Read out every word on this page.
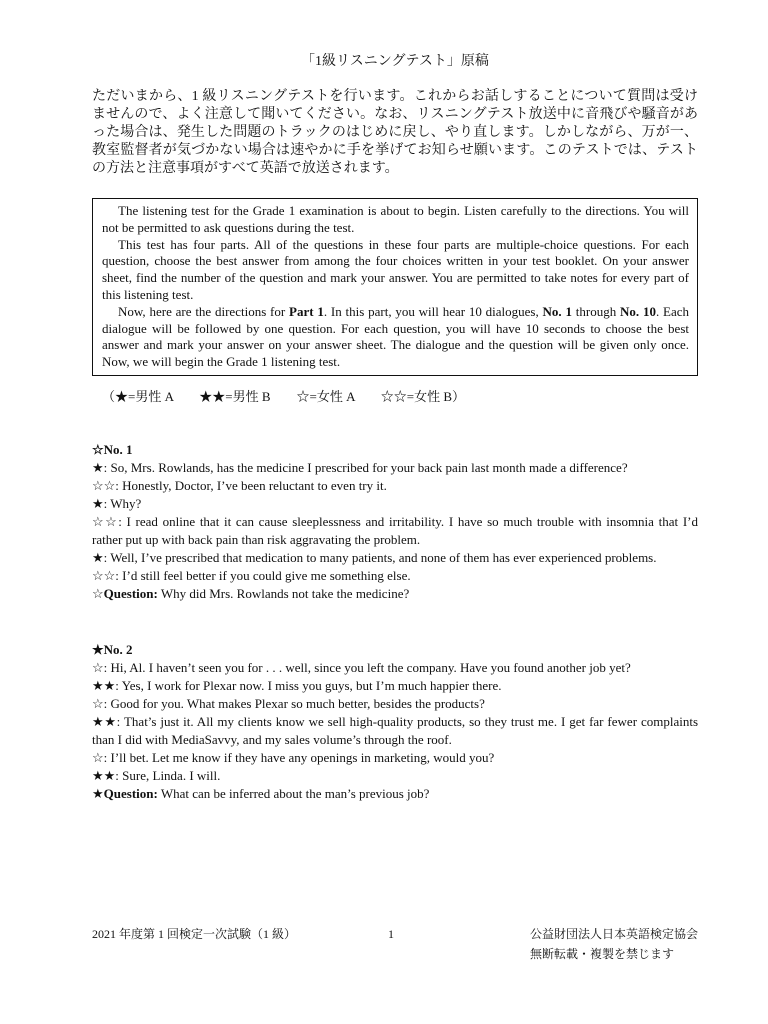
「1級リスニングテスト」原稿

ただいまから、1 級リスニングテストを行います。これからお話しすることについて質問は受けませんので、よく注意して聞いてください。なお、リスニングテスト放送中に音飛びや騒音があった場合は、発生した問題のトラックのはじめに戻し、やり直します。しかしながら、万が一、教室監督者が気づかない場合は速やかに手を挙げてお知らせ願います。このテストでは、テストの方法と注意事項がすべて英語で放送されます。

The listening test for the Grade 1 examination is about to begin. Listen carefully to the directions. You will not be permitted to ask questions during the test.

This test has four parts. All of the questions in these four parts are multiple-choice questions. For each question, choose the best answer from among the four choices written in your test booklet. On your answer sheet, find the number of the question and mark your answer. You are permitted to take notes for every part of this listening test.

Now, here are the directions for Part 1. In this part, you will hear 10 dialogues, No. 1 through No. 10. Each dialogue will be followed by one question. For each question, you will have 10 seconds to choose the best answer and mark your answer on your answer sheet. The dialogue and the question will be given only once. Now, we will begin the Grade 1 listening test.

（★=男性 A　　★★=男性 B　　☆=女性 A　　☆☆=女性 B）
☆No. 1

★: So, Mrs. Rowlands, has the medicine I prescribed for your back pain last month made a difference?

☆☆: Honestly, Doctor, I’ve been reluctant to even try it.

★: Why?

☆☆: I read online that it can cause sleeplessness and irritability. I have so much trouble with insomnia that I’d rather put up with back pain than risk aggravating the problem.

★: Well, I’ve prescribed that medication to many patients, and none of them has ever experienced problems.

☆☆: I’d still feel better if you could give me something else.

☆Question: Why did Mrs. Rowlands not take the medicine?

★No. 2

☆: Hi, Al. I haven’t seen you for . . . well, since you left the company. Have you found another job yet?

★★: Yes, I work for Plexar now. I miss you guys, but I’m much happier there.

☆: Good for you. What makes Plexar so much better, besides the products?

★★: That’s just it. All my clients know we sell high-quality products, so they trust me. I get far fewer complaints than I did with MediaSavvy, and my sales volume’s through the roof.

☆: I’ll bet. Let me know if they have any openings in marketing, would you?

★★: Sure, Linda. I will.

★Question: What can be inferred about the man’s previous job?

2021 年度第 1 回検定一次試験（1 級）	1	公益財団法人日本英語検定協会
無断転載・複製を禁じます
